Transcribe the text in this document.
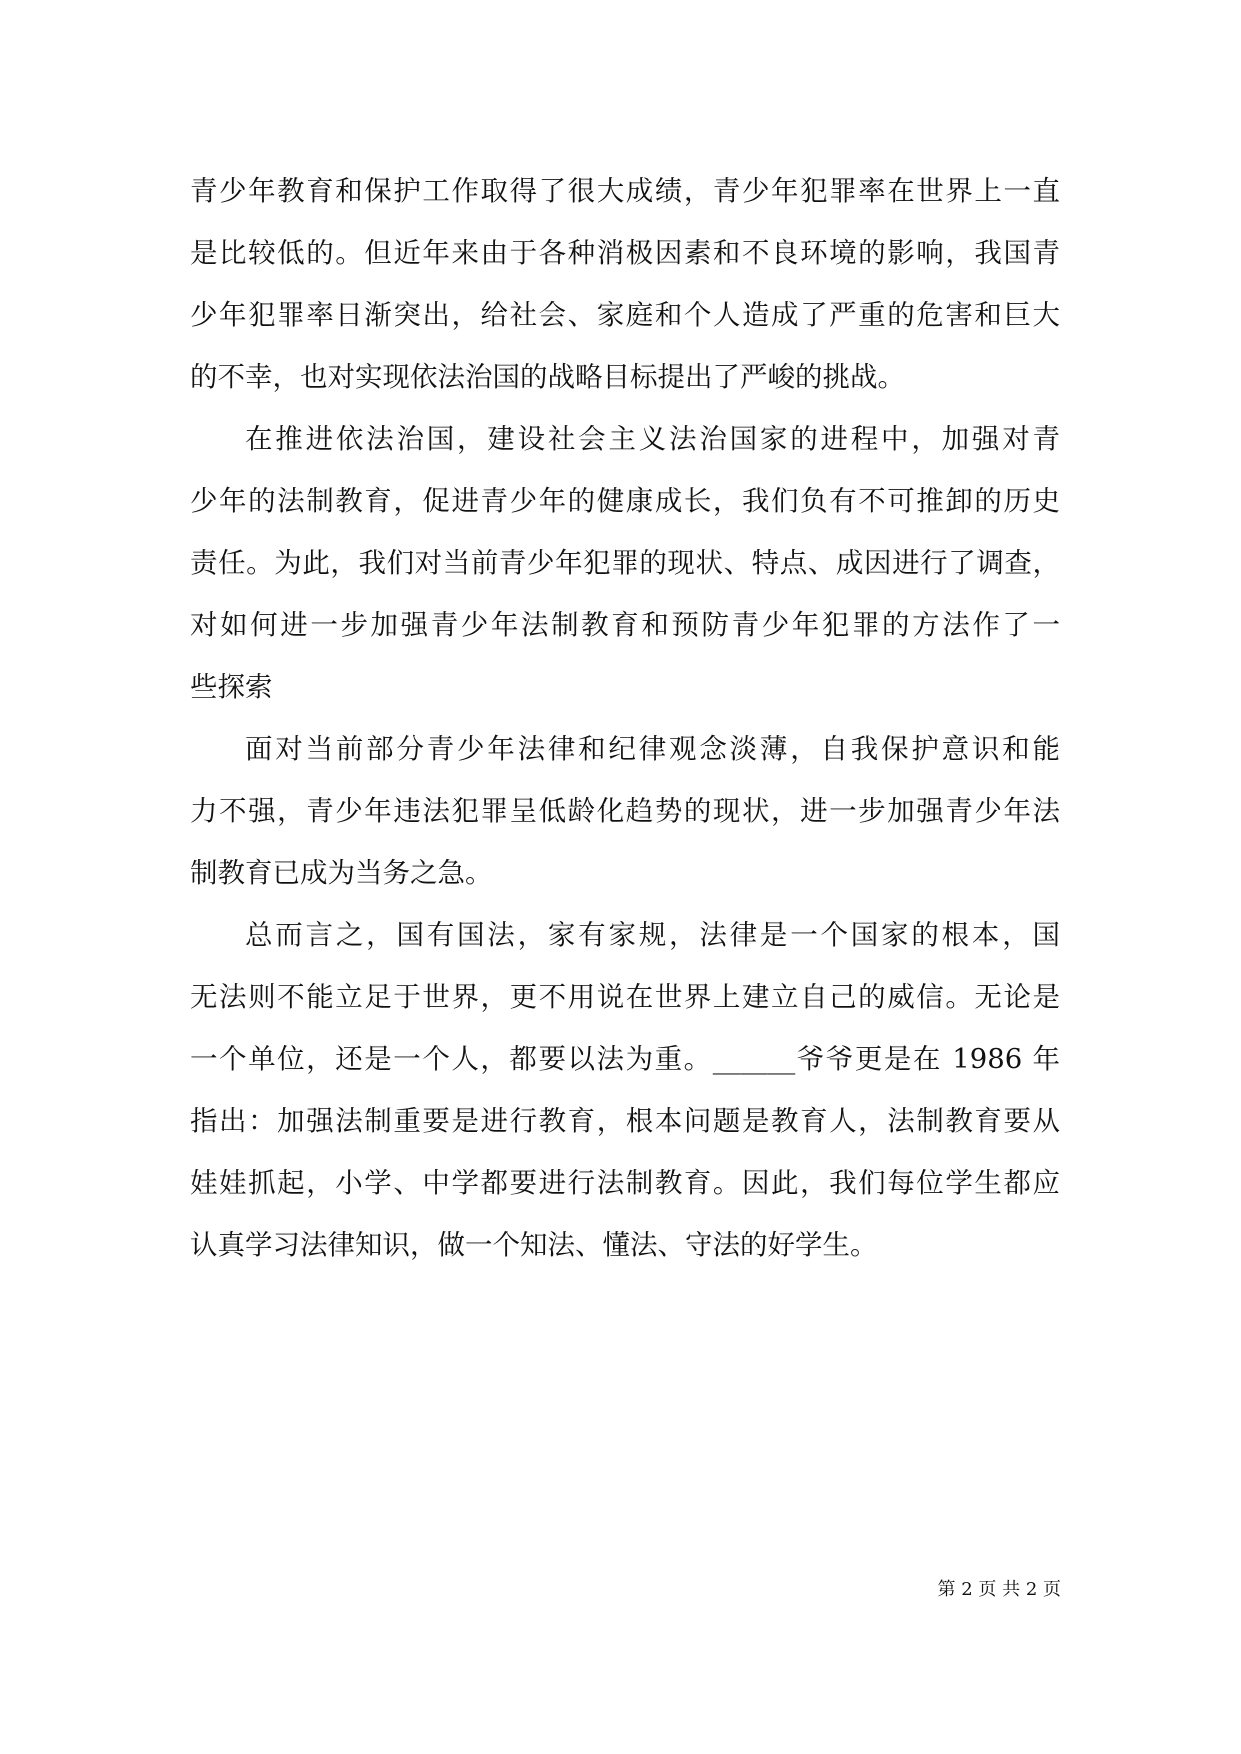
青少年教育和保护工作取得了很大成绩，青少年犯罪率在世界上一直
是比较低的。但近年来由于各种消极因素和不良环境的影响，我国青
少年犯罪率日渐突出，给社会、家庭和个人造成了严重的危害和巨大
的不幸，也对实现依法治国的战略目标提出了严峻的挑战。
在推进依法治国，建设社会主义法治国家的进程中，加强对青
少年的法制教育，促进青少年的健康成长，我们负有不可推卸的历史
责任。为此，我们对当前青少年犯罪的现状、特点、成因进行了调查，
对如何进一步加强青少年法制教育和预防青少年犯罪的方法作了一
些探索
面对当前部分青少年法律和纪律观念淡薄，自我保护意识和能
力不强，青少年违法犯罪呈低龄化趋势的现状，进一步加强青少年法
制教育已成为当务之急。
总而言之，国有国法，家有家规，法律是一个国家的根本，国
无法则不能立足于世界，更不用说在世界上建立自己的威信。无论是
一个单位，还是一个人，都要以法为重。______爷爷更是在 1986 年
指出：加强法制重要是进行教育，根本问题是教育人，法制教育要从
娃娃抓起，小学、中学都要进行法制教育。因此，我们每位学生都应
认真学习法律知识，做一个知法、懂法、守法的好学生。
第 2 页 共 2 页
